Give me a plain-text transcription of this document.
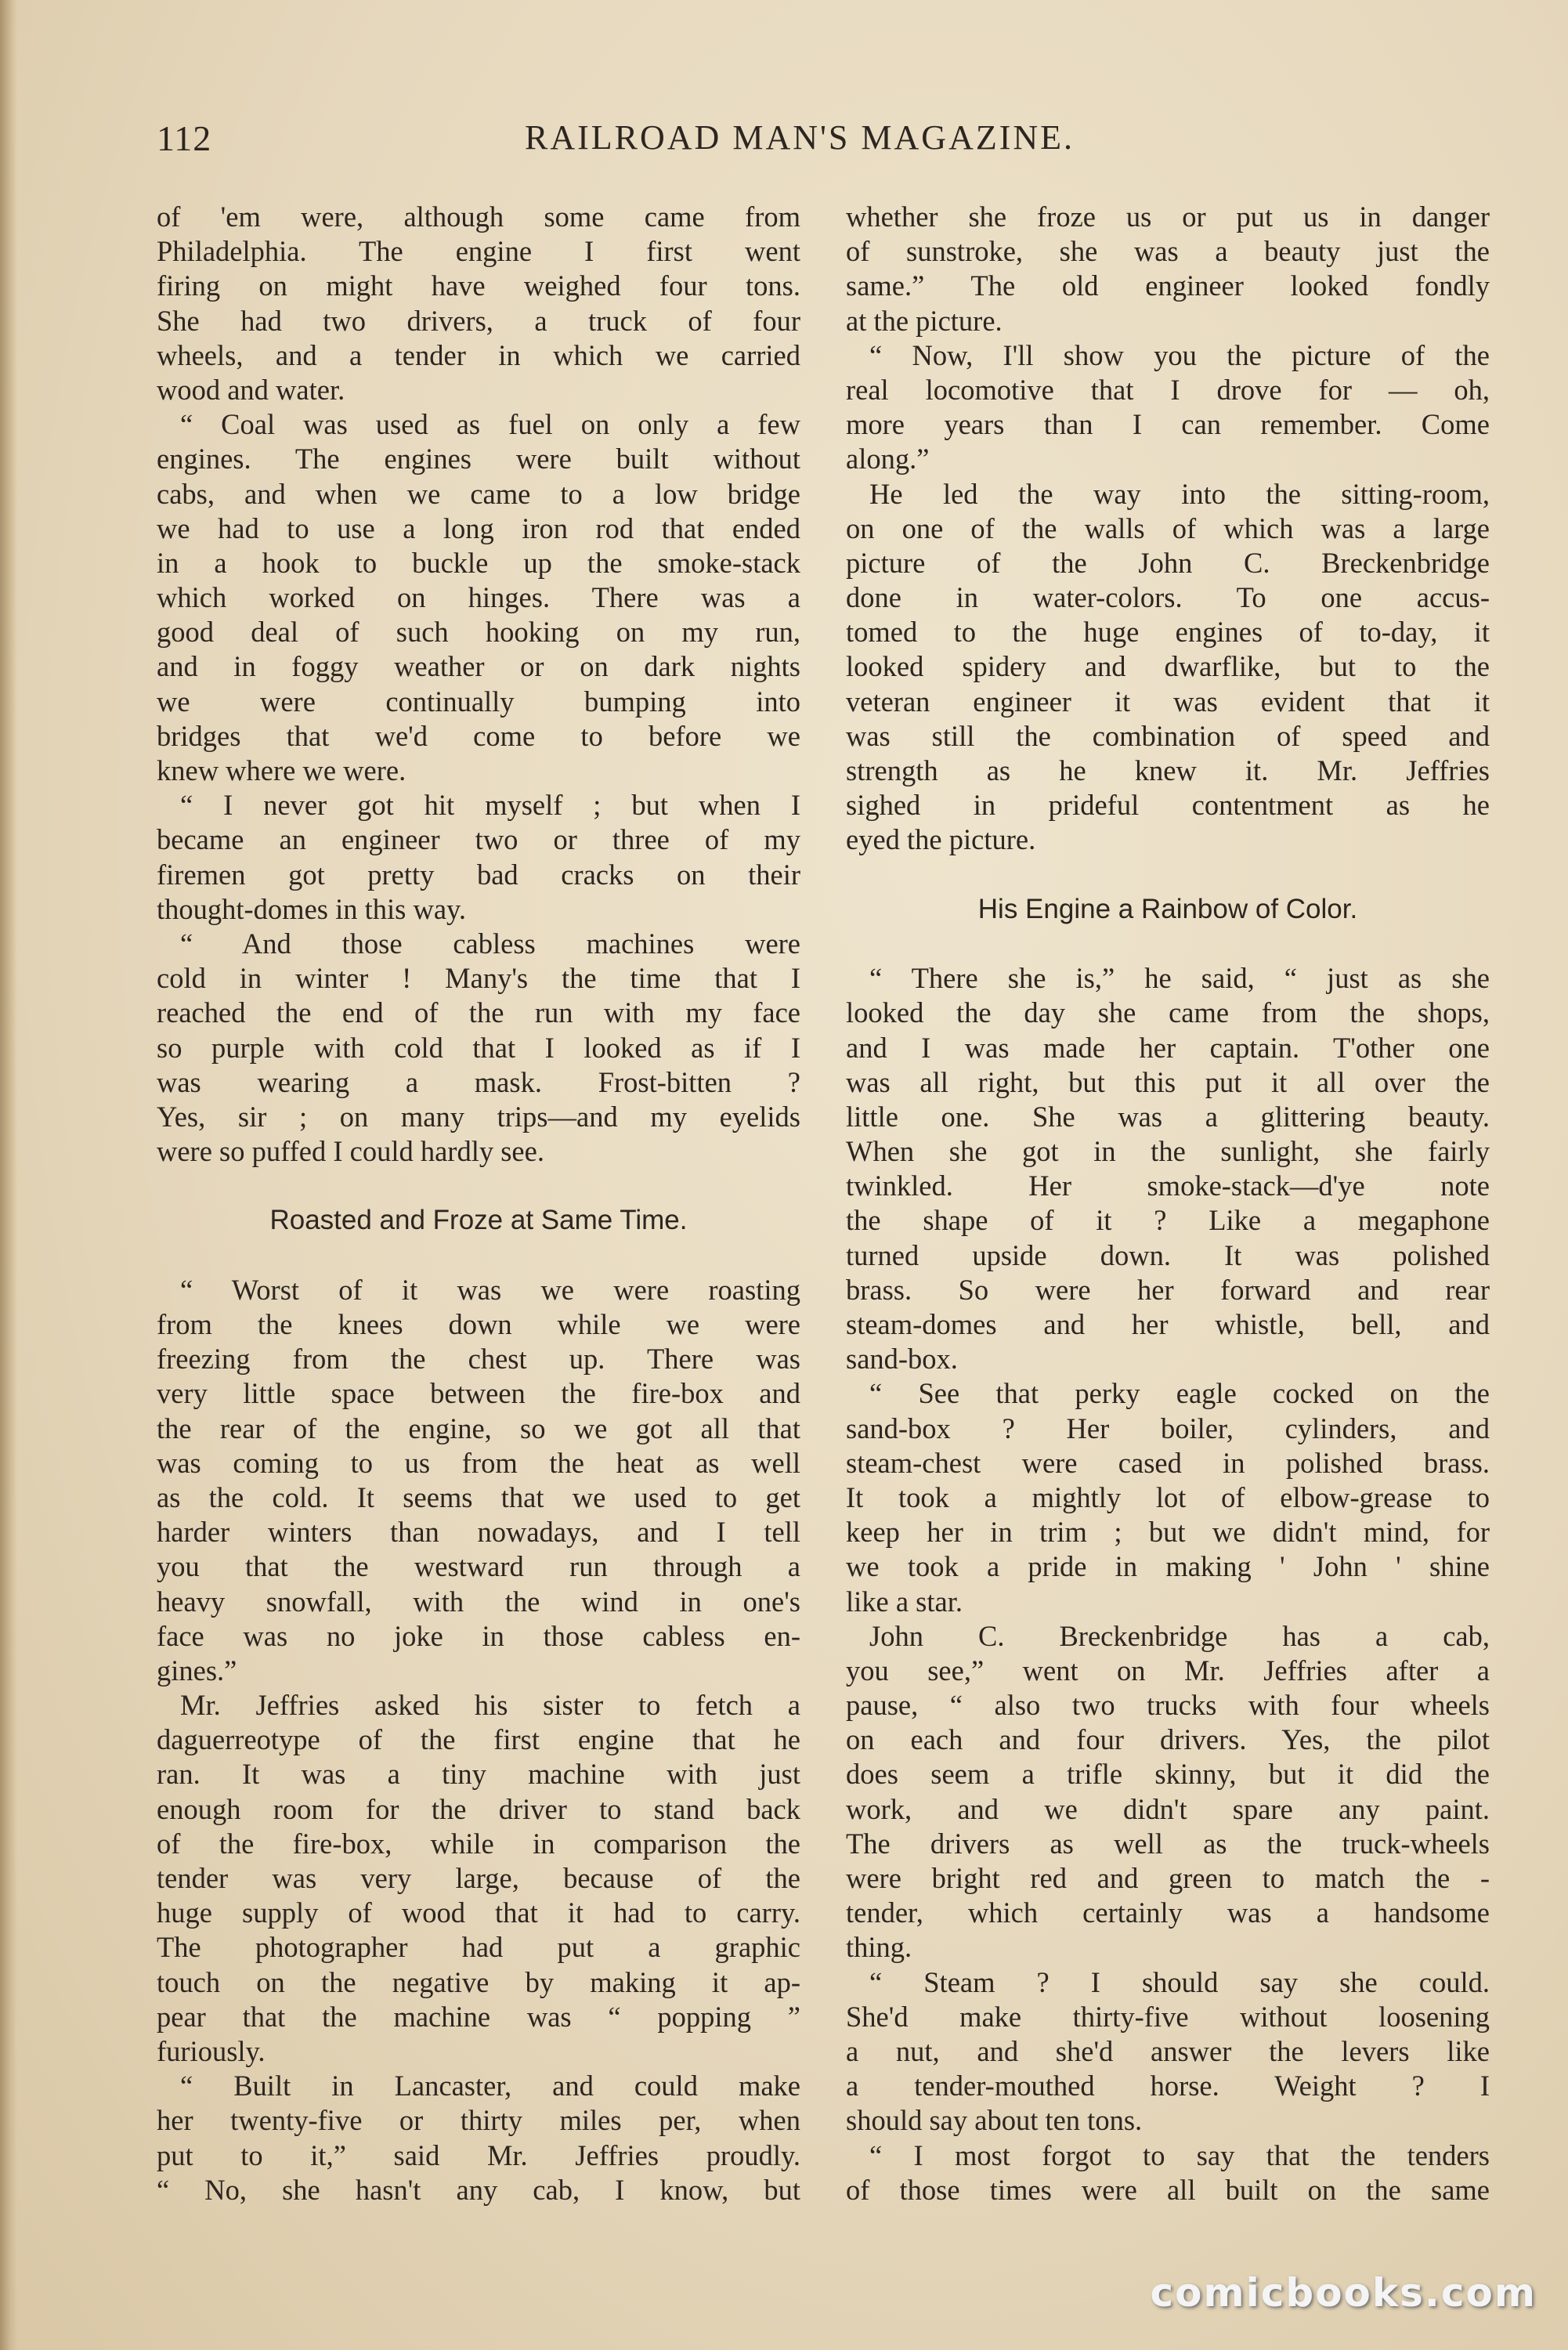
112	RAILROAD MAN'S MAGAZINE.
of 'em were, although some came from
Philadelphia. The engine I first went
firing on might have weighed four tons.
She had two drivers, a truck of four
wheels, and a tender in which we carried
wood and water.
“ Coal was used as fuel on only a few
engines. The engines were built without
cabs, and when we came to a low bridge
we had to use a long iron rod that ended
in a hook to buckle up the smoke-stack
which worked on hinges. There was a
good deal of such hooking on my run,
and in foggy weather or on dark nights
we were continually bumping into
bridges that we'd come to before we
knew where we were.
“ I never got hit myself ; but when I
became an engineer two or three of my
firemen got pretty bad cracks on their
thought-domes in this way.
“ And those cabless machines were
cold in winter ! Many's the time that I
reached the end of the run with my face
so purple with cold that I looked as if I
was wearing a mask. Frost-bitten ?
Yes, sir ; on many trips—and my eyelids
were so puffed I could hardly see.
Roasted and Froze at Same Time.
“ Worst of it was we were roasting
from the knees down while we were
freezing from the chest up. There was
very little space between the fire-box and
the rear of the engine, so we got all that
was coming to us from the heat as well
as the cold. It seems that we used to get
harder winters than nowadays, and I tell
you that the westward run through a
heavy snowfall, with the wind in one's
face was no joke in those cabless en-
gines.”
Mr. Jeffries asked his sister to fetch a
daguerreotype of the first engine that he
ran. It was a tiny machine with just
enough room for the driver to stand back
of the fire-box, while in comparison the
tender was very large, because of the
huge supply of wood that it had to carry.
The photographer had put a graphic
touch on the negative by making it ap-
pear that the machine was “ popping ”
furiously.
“ Built in Lancaster, and could make
her twenty-five or thirty miles per, when
put to it,” said Mr. Jeffries proudly.
“ No, she hasn't any cab, I know, but
whether she froze us or put us in danger
of sunstroke, she was a beauty just the
same.” The old engineer looked fondly
at the picture.
“ Now, I'll show you the picture of the
real locomotive that I drove for — oh,
more years than I can remember. Come
along.”
He led the way into the sitting-room,
on one of the walls of which was a large
picture of the John C. Breckenbridge
done in water-colors. To one accus-
tomed to the huge engines of to-day, it
looked spidery and dwarflike, but to the
veteran engineer it was evident that it
was still the combination of speed and
strength as he knew it. Mr. Jeffries
sighed in prideful contentment as he
eyed the picture.
His Engine a Rainbow of Color.
“ There she is,” he said, “ just as she
looked the day she came from the shops,
and I was made her captain. T'other one
was all right, but this put it all over the
little one. She was a glittering beauty.
When she got in the sunlight, she fairly
twinkled. Her smoke-stack—d'ye note
the shape of it ? Like a megaphone
turned upside down. It was polished
brass. So were her forward and rear
steam-domes and her whistle, bell, and
sand-box.
“ See that perky eagle cocked on the
sand-box ? Her boiler, cylinders, and
steam-chest were cased in polished brass.
It took a mightly lot of elbow-grease to
keep her in trim ; but we didn't mind, for
we took a pride in making ' John ' shine
like a star.
John C. Breckenbridge has a cab,
you see,” went on Mr. Jeffries after a
pause, “ also two trucks with four wheels
on each and four drivers. Yes, the pilot
does seem a trifle skinny, but it did the
work, and we didn't spare any paint.
The drivers as well as the truck-wheels
were bright red and green to match the -
tender, which certainly was a handsome
thing.
“ Steam ? I should say she could.
She'd make thirty-five without loosening
a nut, and she'd answer the levers like
a tender-mouthed horse. Weight ? I
should say about ten tons.
“ I most forgot to say that the tenders
of those times were all built on the same
comicbooks.com
